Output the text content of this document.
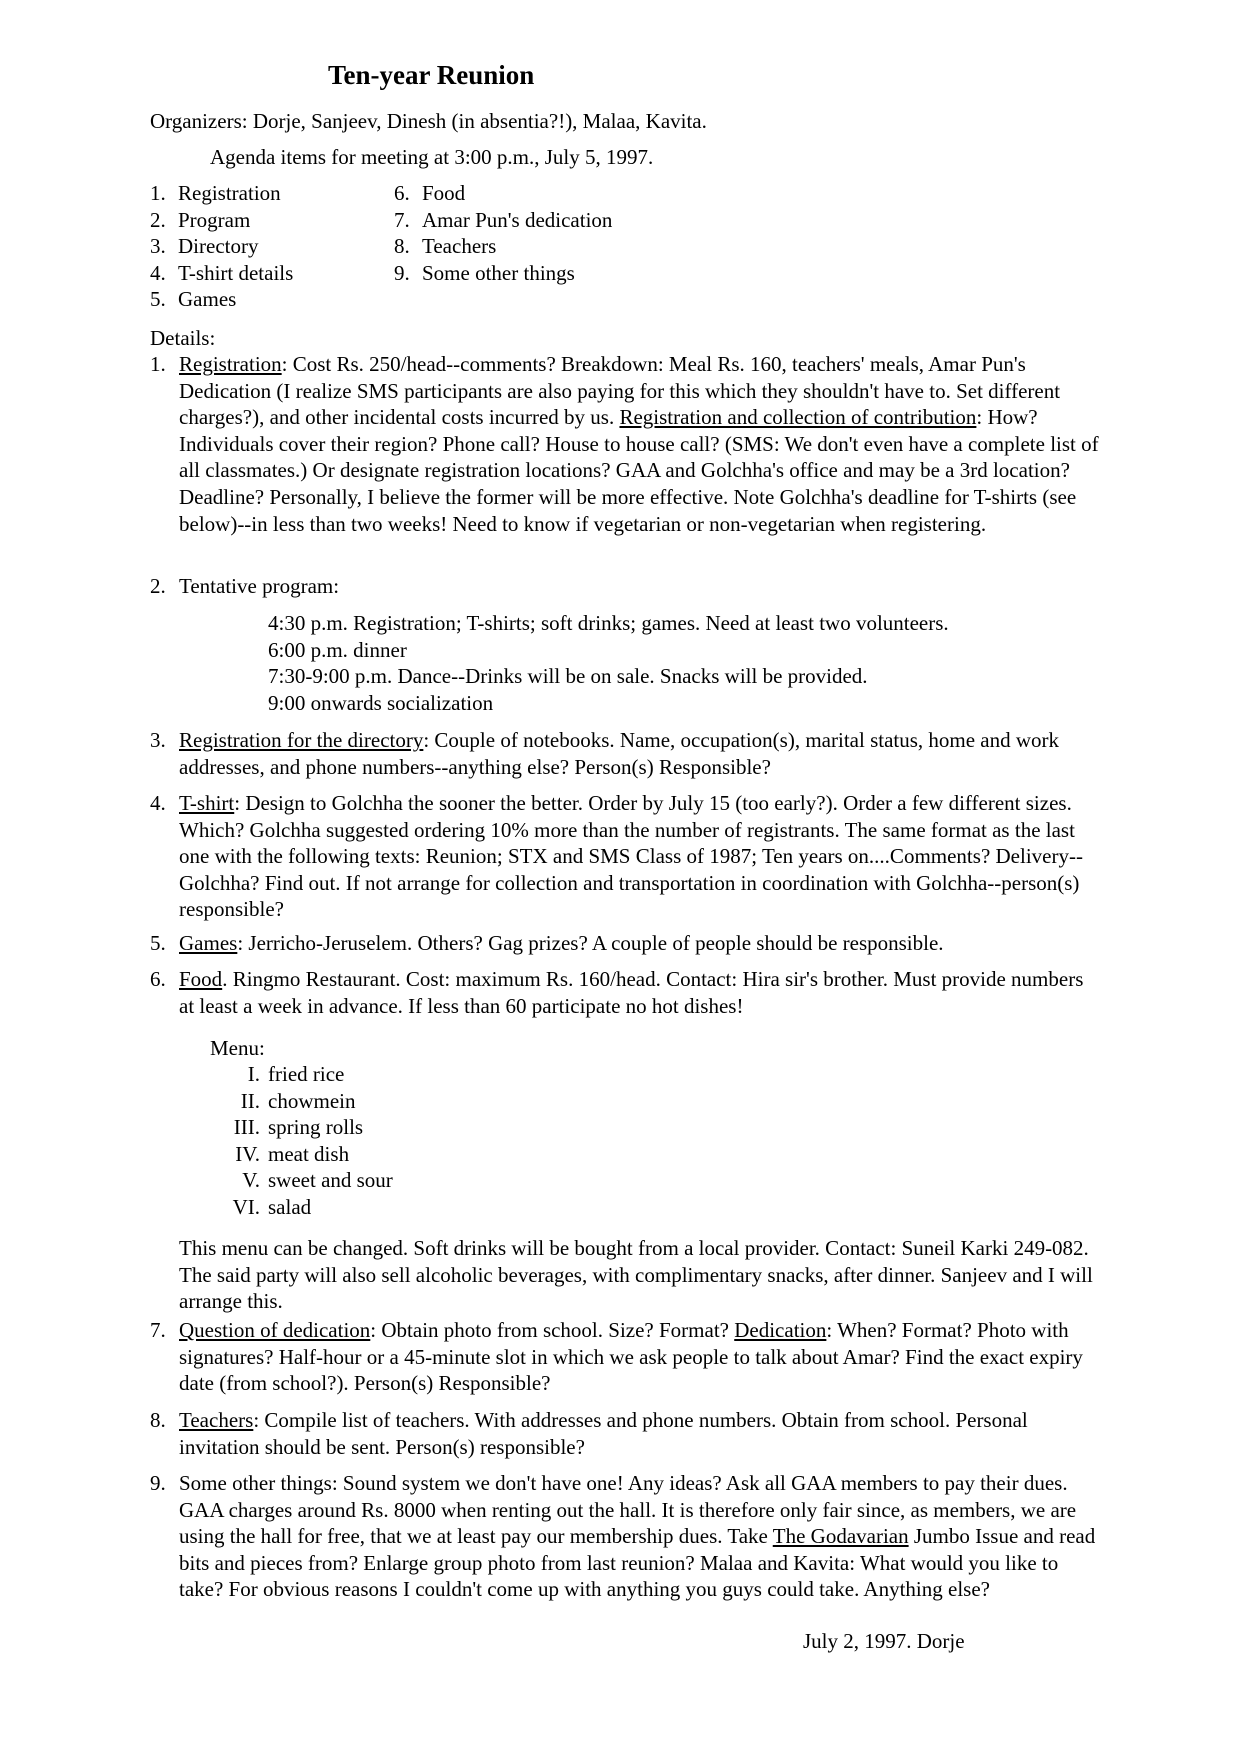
Ten-year Reunion
Organizers: Dorje, Sanjeev, Dinesh (in absentia?!), Malaa, Kavita.
Agenda items for meeting at 3:00 p.m., July 5, 1997.
1. Registration
2. Program
3. Directory
4. T-shirt details
5. Games
6. Food
7. Amar Pun's dedication
8. Teachers
9. Some other things
Details:
1. Registration: Cost Rs. 250/head--comments? Breakdown: Meal Rs. 160, teachers' meals, Amar Pun's Dedication (I realize SMS participants are also paying for this which they shouldn't have to. Set different charges?), and other incidental costs incurred by us. Registration and collection of contribution: How? Individuals cover their region? Phone call? House to house call? (SMS: We don't even have a complete list of all classmates.) Or designate registration locations? GAA and Golchha's office and may be a 3rd location? Deadline? Personally, I believe the former will be more effective. Note Golchha's deadline for T-shirts (see below)--in less than two weeks! Need to know if vegetarian or non-vegetarian when registering.
2. Tentative program:
4:30 p.m. Registration; T-shirts; soft drinks; games. Need at least two volunteers.
6:00 p.m. dinner
7:30-9:00 p.m. Dance--Drinks will be on sale. Snacks will be provided.
9:00 onwards socialization
3. Registration for the directory: Couple of notebooks. Name, occupation(s), marital status, home and work addresses, and phone numbers--anything else? Person(s) Responsible?
4. T-shirt: Design to Golchha the sooner the better. Order by July 15 (too early?). Order a few different sizes. Which? Golchha suggested ordering 10% more than the number of registrants. The same format as the last one with the following texts: Reunion; STX and SMS Class of 1987; Ten years on....Comments? Delivery--Golchha? Find out. If not arrange for collection and transportation in coordination with Golchha--person(s) responsible?
5. Games: Jerricho-Jeruselem. Others? Gag prizes? A couple of people should be responsible.
6. Food. Ringmo Restaurant. Cost: maximum Rs. 160/head. Contact: Hira sir's brother. Must provide numbers at least a week in advance. If less than 60 participate no hot dishes!
Menu:
I. fried rice
II. chowmein
III. spring rolls
IV. meat dish
V. sweet and sour
VI. salad
This menu can be changed. Soft drinks will be bought from a local provider. Contact: Suneil Karki 249-082. The said party will also sell alcoholic beverages, with complimentary snacks, after dinner. Sanjeev and I will arrange this.
7. Question of dedication: Obtain photo from school. Size? Format? Dedication: When? Format? Photo with signatures? Half-hour or a 45-minute slot in which we ask people to talk about Amar? Find the exact expiry date (from school?). Person(s) Responsible?
8. Teachers: Compile list of teachers. With addresses and phone numbers. Obtain from school. Personal invitation should be sent. Person(s) responsible?
9. Some other things: Sound system we don't have one! Any ideas? Ask all GAA members to pay their dues. GAA charges around Rs. 8000 when renting out the hall. It is therefore only fair since, as members, we are using the hall for free, that we at least pay our membership dues. Take The Godavarian Jumbo Issue and read bits and pieces from? Enlarge group photo from last reunion? Malaa and Kavita: What would you like to take? For obvious reasons I couldn't come up with anything you guys could take. Anything else?
July 2, 1997. Dorje
